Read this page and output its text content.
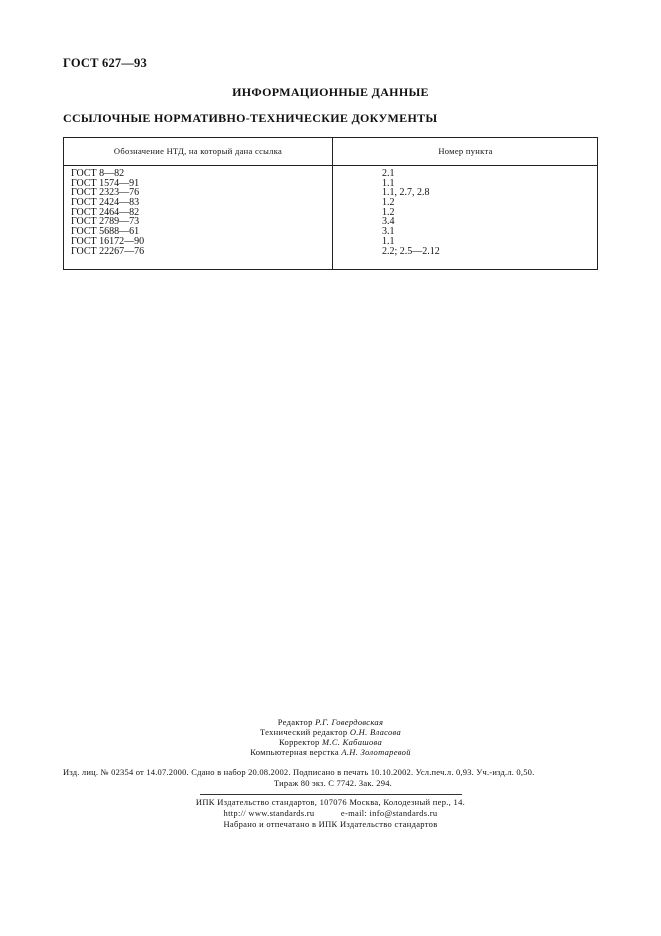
ГОСТ 627—93
ИНФОРМАЦИОННЫЕ ДАННЫЕ
ССЫЛОЧНЫЕ НОРМАТИВНО-ТЕХНИЧЕСКИЕ ДОКУМЕНТЫ
Обозначение НТД, на который дана ссылка	Номер пункта
ГОСТ 8—82	2.1
ГОСТ 1574—91	1.1
ГОСТ 2323—76	1.1, 2.7, 2.8
ГОСТ 2424—83	1.2
ГОСТ 2464—82	1.2
ГОСТ 2789—73	3.4
ГОСТ 5688—61	3.1
ГОСТ 16172—90	1.1
ГОСТ 22267—76	2.2; 2.5—2.12
Редактор Р.Г. Говердовская
Технический редактор О.Н. Власова
Корректор М.С. Кабашова
Компьютерная верстка А.Н. Золотаревой
Изд. лиц. № 02354 от 14.07.2000. Сдано в набор 20.08.2002. Подписано в печать 10.10.2002. Усл.печ.л. 0,93. Уч.-изд.л. 0,50.
Тираж 80 экз. С 7742. Зак. 294.
ИПК Издательство стандартов, 107076 Москва, Колодезный пер., 14.
http:// www.standards.ru	e-mail: info@standards.ru
Набрано и отпечатано в ИПК Издательство стандартов
